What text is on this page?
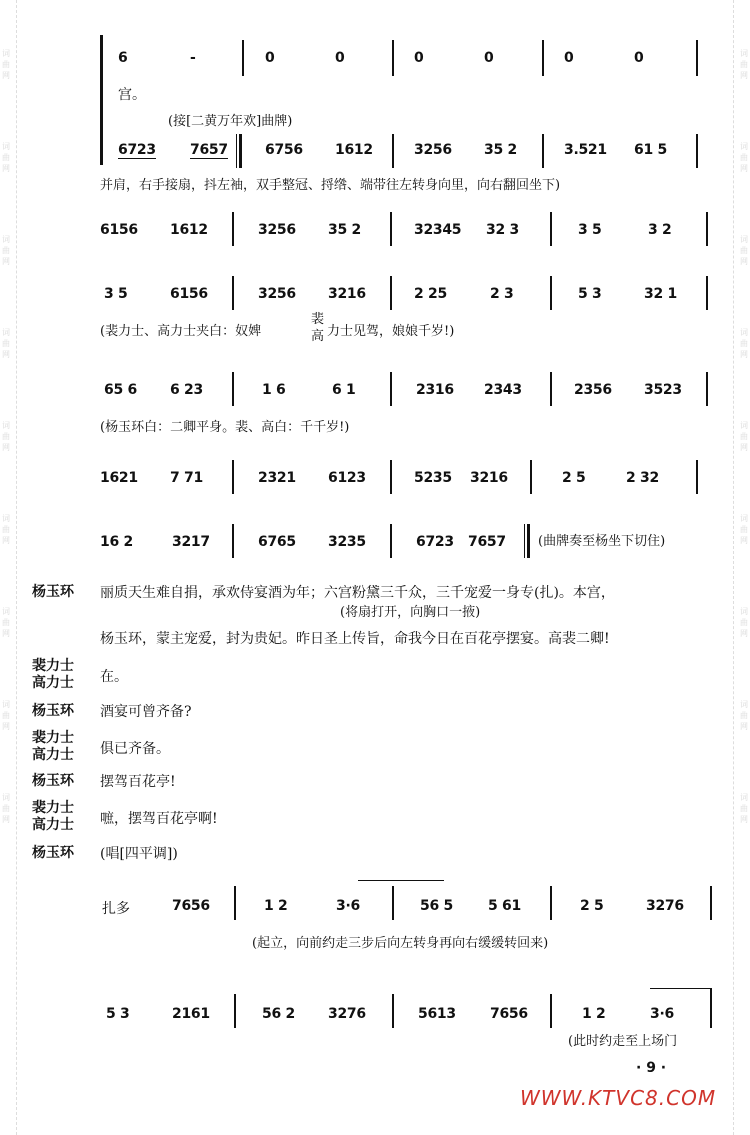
词曲网
词曲网
词曲网
词曲网
词曲网
词曲网
词曲网
词曲网
词曲网
词曲网
词曲网
词曲网
词曲网
词曲网
词曲网
词曲网
词曲网
词曲网
6	-	0	0	0	0	0	0
宫。
(接[二黄万年欢]曲牌)
6723 7657	6756 1612	3256 35 2	3.521 61 5
并肩，右手接扇，抖左袖，双手整冠、捋绺、端带往左转身向里，向右翻回坐下)
6156 1612	3256 35 2	32345 32 3	3 5	3 2
3 5	6156	3256 3216	2 25	2 3	5 3	32 1
(裴力士、高力士夹白：奴婢
裴
高 力士见驾，娘娘千岁!)
65 6 6 23	1 6	6 1	2316 2343	2356 3523
(杨玉环白：二卿平身。裴、高白：千千岁!)
1621 7 71	2321 6123	5235 3216	2 5	2 32
16 2	3217	6765 3235	6723 7657 (曲牌奏至杨坐下切住)
杨玉环 丽质天生难自捐，承欢侍宴酒为年；六宫粉黛三千众，三千宠爱一身专(扎)。本宫，
(将扇打开，向胸口一掖)
杨玉环，蒙主宠爱，封为贵妃。昨日圣上传旨，命我今日在百花亭摆宴。高裴二卿!
裴力士
高力士 在。
杨玉环 酒宴可曾齐备?
裴力士
高力士 俱已齐备。
杨玉环 摆驾百花亭!
裴力士
高力士 嗻，摆驾百花亭啊!
杨玉环 (唱[四平调])
扎多	7656	1 2	3·6	56 5	5 61	2 5	3276
(起立，向前约走三步后向左转身再向右缓缓转回来)
5 3	2161	56 2 3276	5613 7656	1 2	3·6
(此时约走至上场门
· 9 ·
WWW.KTVC8.COM
